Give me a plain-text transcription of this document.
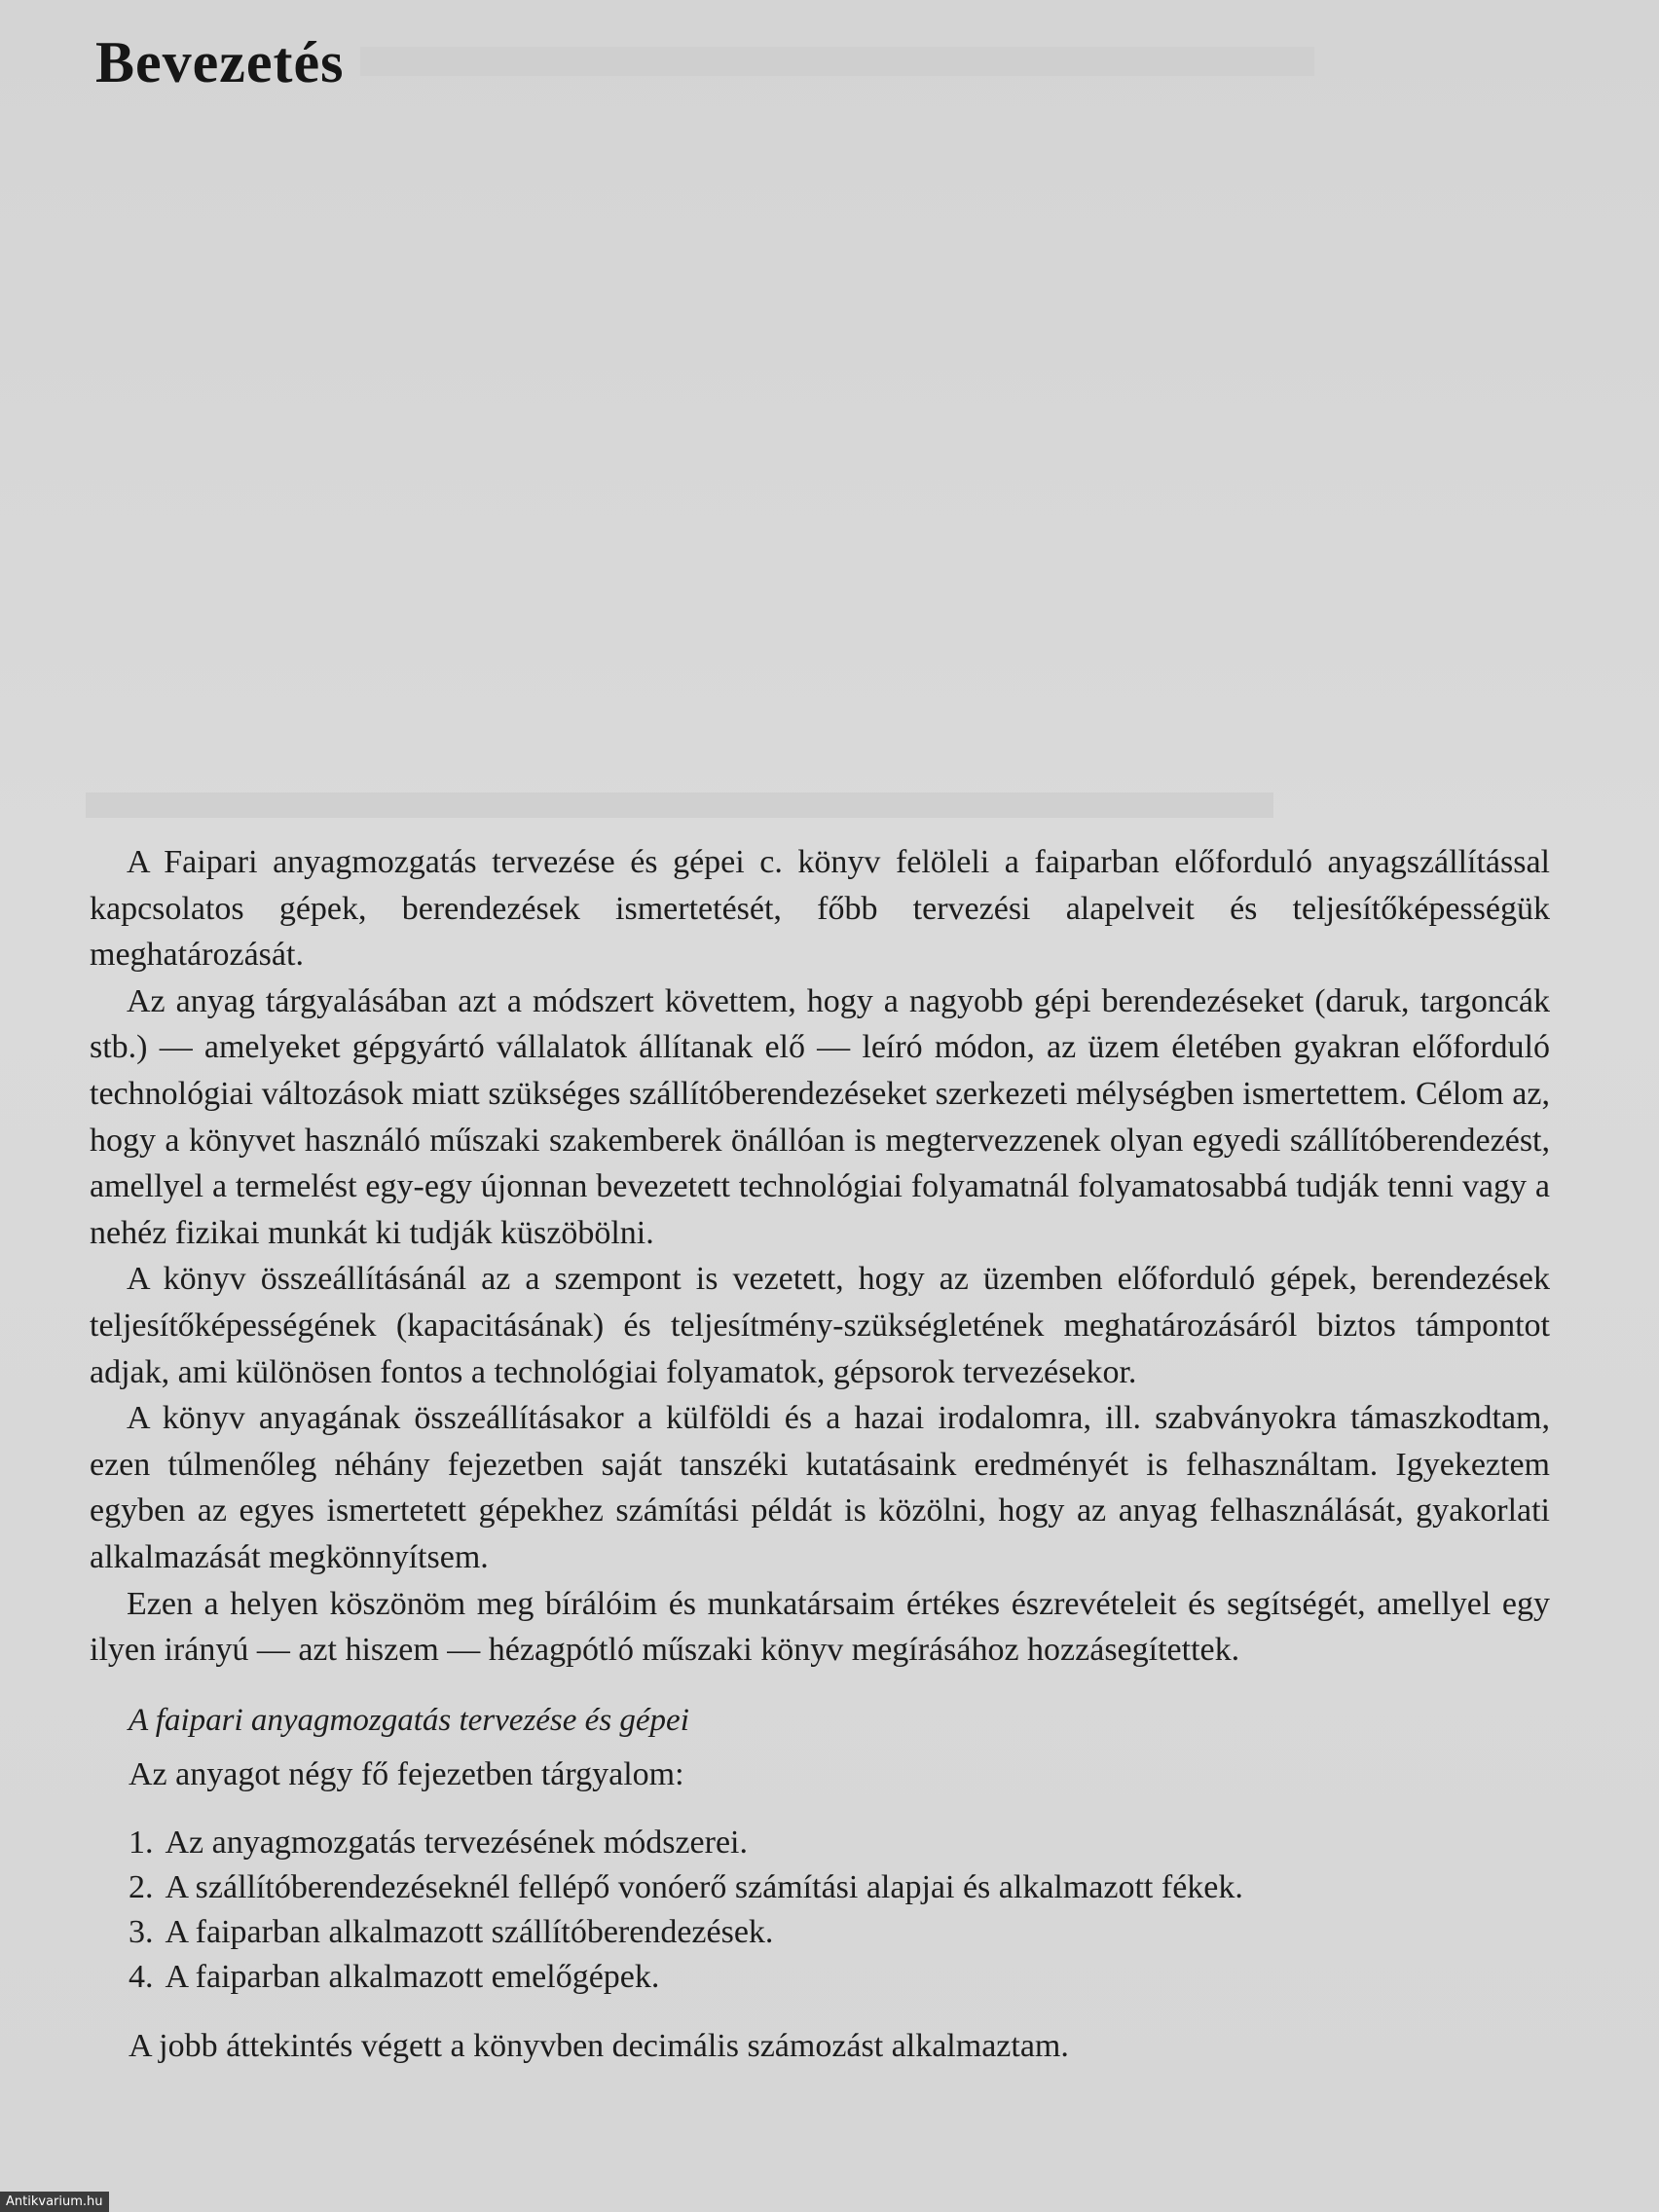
Bevezetés

A Faipari anyagmozgatás tervezése és gépei c. könyv felöleli a faiparban előforduló anyagszállítással kapcsolatos gépek, berendezések ismertetését, főbb tervezési alapelveit és teljesítőképességük meghatározását.

Az anyag tárgyalásában azt a módszert követtem, hogy a nagyobb gépi berendezéseket (daruk, targoncák stb.) — amelyeket gépgyártó vállalatok állítanak elő — leíró módon, az üzem életében gyakran előforduló technológiai változások miatt szükséges szállítóberendezéseket szerkezeti mélységben ismertettem. Célom az, hogy a könyvet használó műszaki szakemberek önállóan is megtervezzenek olyan egyedi szállítóberendezést, amellyel a termelést egy-egy újonnan bevezetett technológiai folyamatnál folyamatosabbá tudják tenni vagy a nehéz fizikai munkát ki tudják küszöbölni.

A könyv összeállításánál az a szempont is vezetett, hogy az üzemben előforduló gépek, berendezések teljesítőképességének (kapacitásának) és teljesítmény-szükségletének meghatározásáról biztos támpontot adjak, ami különösen fontos a technológiai folyamatok, gépsorok tervezésekor.

A könyv anyagának összeállításakor a külföldi és a hazai irodalomra, ill. szabványokra támaszkodtam, ezen túlmenőleg néhány fejezetben saját tanszéki kutatásaink eredményét is felhasználtam. Igyekeztem egyben az egyes ismertetett gépekhez számítási példát is közölni, hogy az anyag felhasználását, gyakorlati alkalmazását megkönnyítsem.

Ezen a helyen köszönöm meg bírálóim és munkatársaim értékes észrevételeit és segítségét, amellyel egy ilyen irányú — azt hiszem — hézagpótló műszaki könyv megírásához hozzásegítettek.

A faipari anyagmozgatás tervezése és gépei
Az anyagot négy fő fejezetben tárgyalom:
1. Az anyagmozgatás tervezésének módszerei.
2. A szállítóberendezéseknél fellépő vonóerő számítási alapjai és alkalmazott fékek.
3. A faiparban alkalmazott szállítóberendezések.
4. A faiparban alkalmazott emelőgépek.
A jobb áttekintés végett a könyvben decimális számozást alkalmaztam.
Antikvarium.hu
